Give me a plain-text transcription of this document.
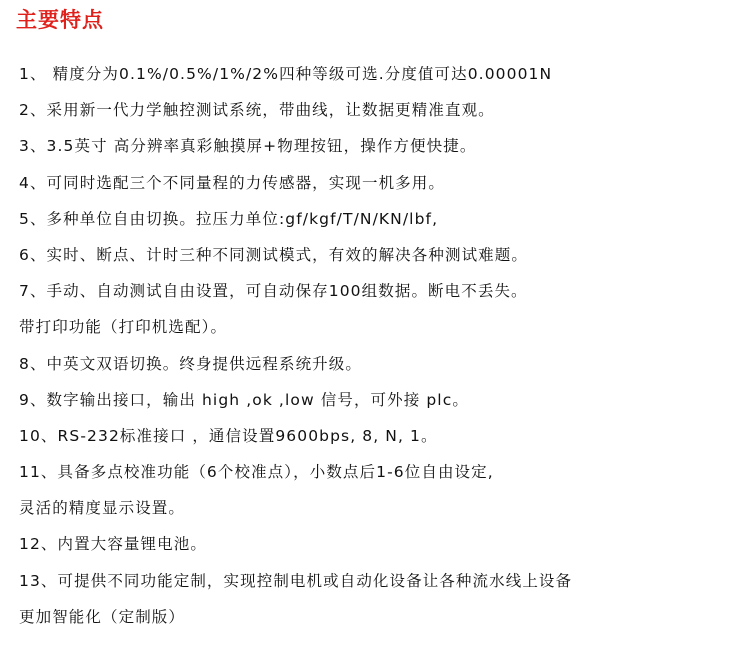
主要特点
1、 精度分为0.1%/0.5%/1%/2%四种等级可选.分度值可达0.00001N
2、采用新一代力学触控测试系统，带曲线，让数据更精准直观。
3、3.5英寸 高分辨率真彩触摸屏+物理按钮，操作方便快捷。
4、可同时选配三个不同量程的力传感器，实现一机多用。
5、多种单位自由切换。拉压力单位:gf/kgf/T/N/KN/lbf,
6、实时、断点、计时三种不同测试模式，有效的解决各种测试难题。
7、手动、自动测试自由设置，可自动保存100组数据。断电不丢失。
带打印功能（打印机选配）。
8、中英文双语切换。终身提供远程系统升级。
9、数字输出接口，输出 high ,ok ,low 信号，可外接 plc。
10、RS-232标准接口 ，通信设置9600bps, 8, N, 1。
11、具备多点校准功能（6个校准点），小数点后1-6位自由设定,
灵活的精度显示设置。
12、内置大容量锂电池。
13、可提供不同功能定制，实现控制电机或自动化设备让各种流水线上设备
更加智能化（定制版）
